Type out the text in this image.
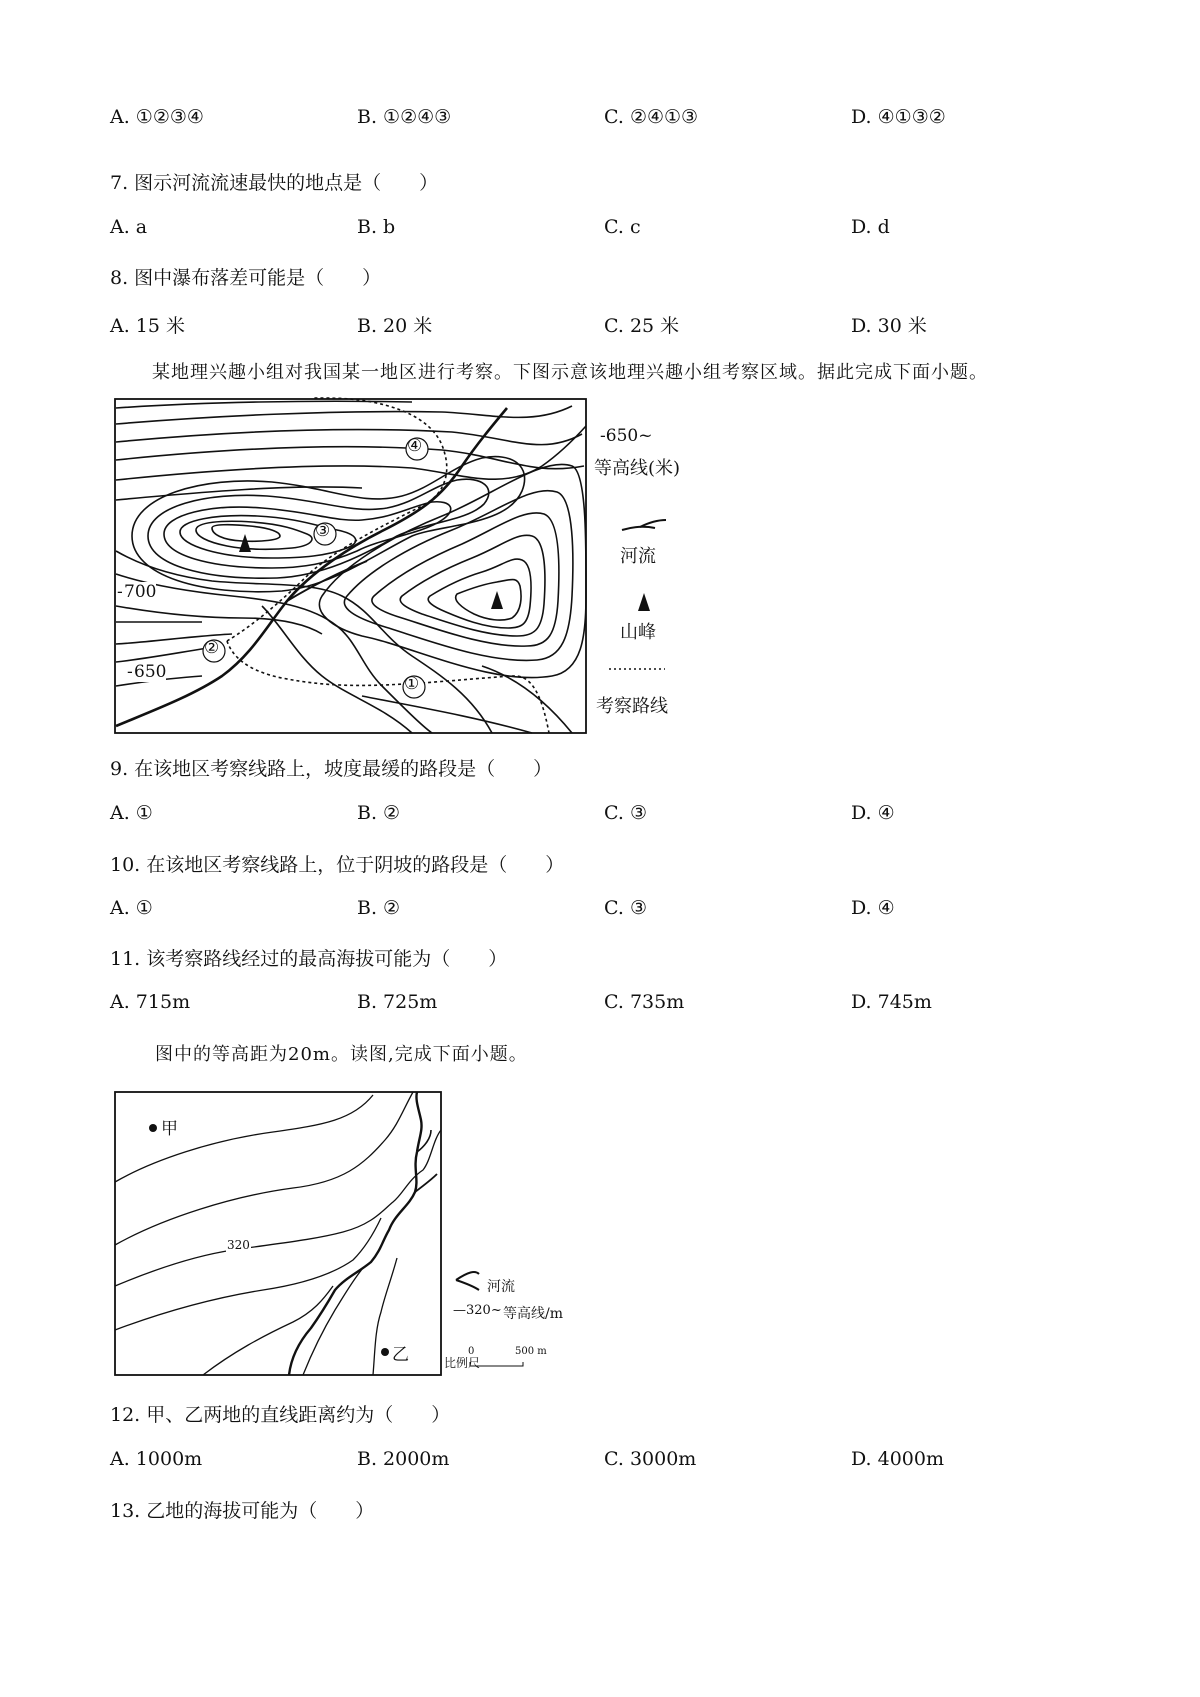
A. ①②③④	B. ①②④③	C. ②④①③	D. ④①③②
7. 图示河流流速最快的地点是（　　）
A. a	B. b	C. c	D. d
8. 图中瀑布落差可能是（　　）
A. 15 米	B. 20 米	C. 25 米	D. 30 米
某地理兴趣小组对我国某一地区进行考察。下图示意该地理兴趣小组考察区域。据此完成下面小题。
④
③
②
①
700
650
-
-
-650~
等高线(米)
河流
山峰
考察路线
9. 在该地区考察线路上，坡度最缓的路段是（　　）
A. ①	B. ②	C. ③	D. ④
10. 在该地区考察线路上，位于阴坡的路段是（　　）
A. ①	B. ②	C. ③	D. ④
11. 该考察路线经过的最高海拔可能为（　　）
A. 715m	B. 725m	C. 735m	D. 745m
图中的等高距为20m。读图,完成下面小题。
甲
乙
320
河流
—320~ 等高线/m
比例尺
0	500 m
12. 甲、乙两地的直线距离约为（　　）
A. 1000m	B. 2000m	C. 3000m	D. 4000m
13. 乙地的海拔可能为（　　）
